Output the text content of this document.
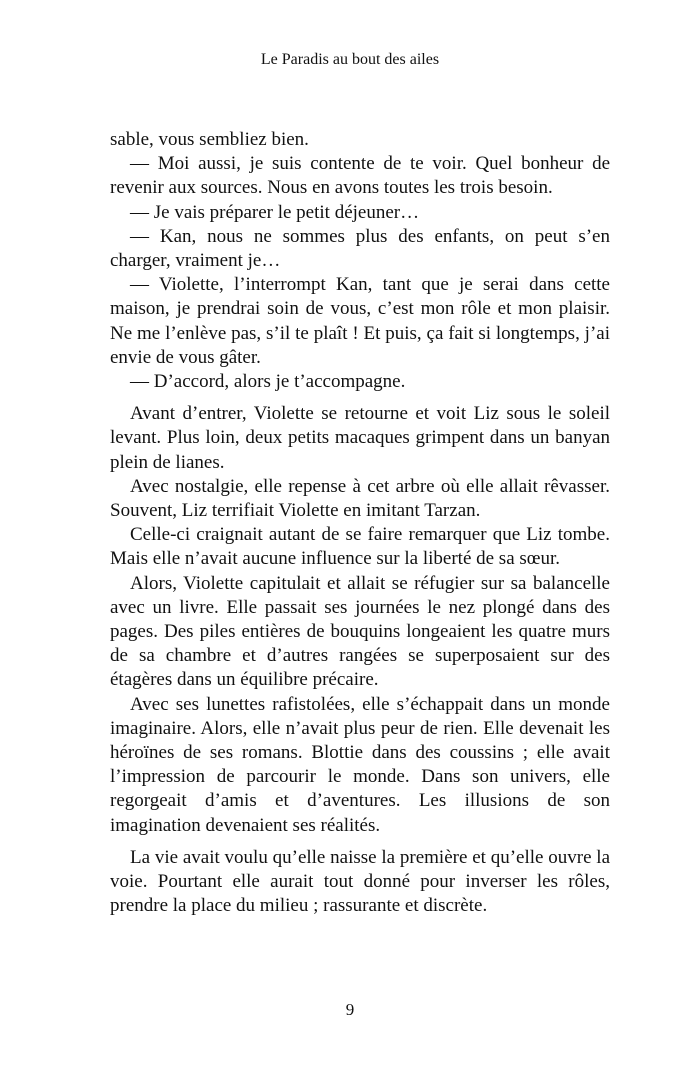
Le Paradis au bout des ailes

sable, vous sembliez bien.

— Moi aussi, je suis contente de te voir. Quel bonheur de revenir aux sources. Nous en avons toutes les trois besoin.

— Je vais préparer le petit déjeuner…

— Kan, nous ne sommes plus des enfants, on peut s’en charger, vraiment je…

— Violette, l’interrompt Kan, tant que je serai dans cette maison, je prendrai soin de vous, c’est mon rôle et mon plaisir. Ne me l’enlève pas, s’il te plaît ! Et puis, ça fait si longtemps, j’ai envie de vous gâter.

— D’accord, alors je t’accompagne.

Avant d’entrer, Violette se retourne et voit Liz sous le soleil levant. Plus loin, deux petits macaques grimpent dans un banyan plein de lianes.

Avec nostalgie, elle repense à cet arbre où elle allait rêvasser. Souvent, Liz terrifiait Violette en imitant Tarzan.

Celle-ci craignait autant de se faire remarquer que Liz tombe. Mais elle n’avait aucune influence sur la liberté de sa sœur.

Alors, Violette capitulait et allait se réfugier sur sa balancelle avec un livre. Elle passait ses journées le nez plongé dans des pages. Des piles entières de bouquins longeaient les quatre murs de sa chambre et d’autres rangées se superposaient sur des étagères dans un équilibre précaire.

Avec ses lunettes rafistolées, elle s’échappait dans un monde imaginaire. Alors, elle n’avait plus peur de rien. Elle devenait les héroïnes de ses romans. Blottie dans des coussins ; elle avait l’impression de parcourir le monde. Dans son univers, elle regorgeait d’amis et d’aventures. Les illusions de son imagination devenaient ses réalités.

La vie avait voulu qu’elle naisse la première et qu’elle ouvre la voie. Pourtant elle aurait tout donné pour inverser les rôles, prendre la place du milieu ; rassurante et discrète.

9
